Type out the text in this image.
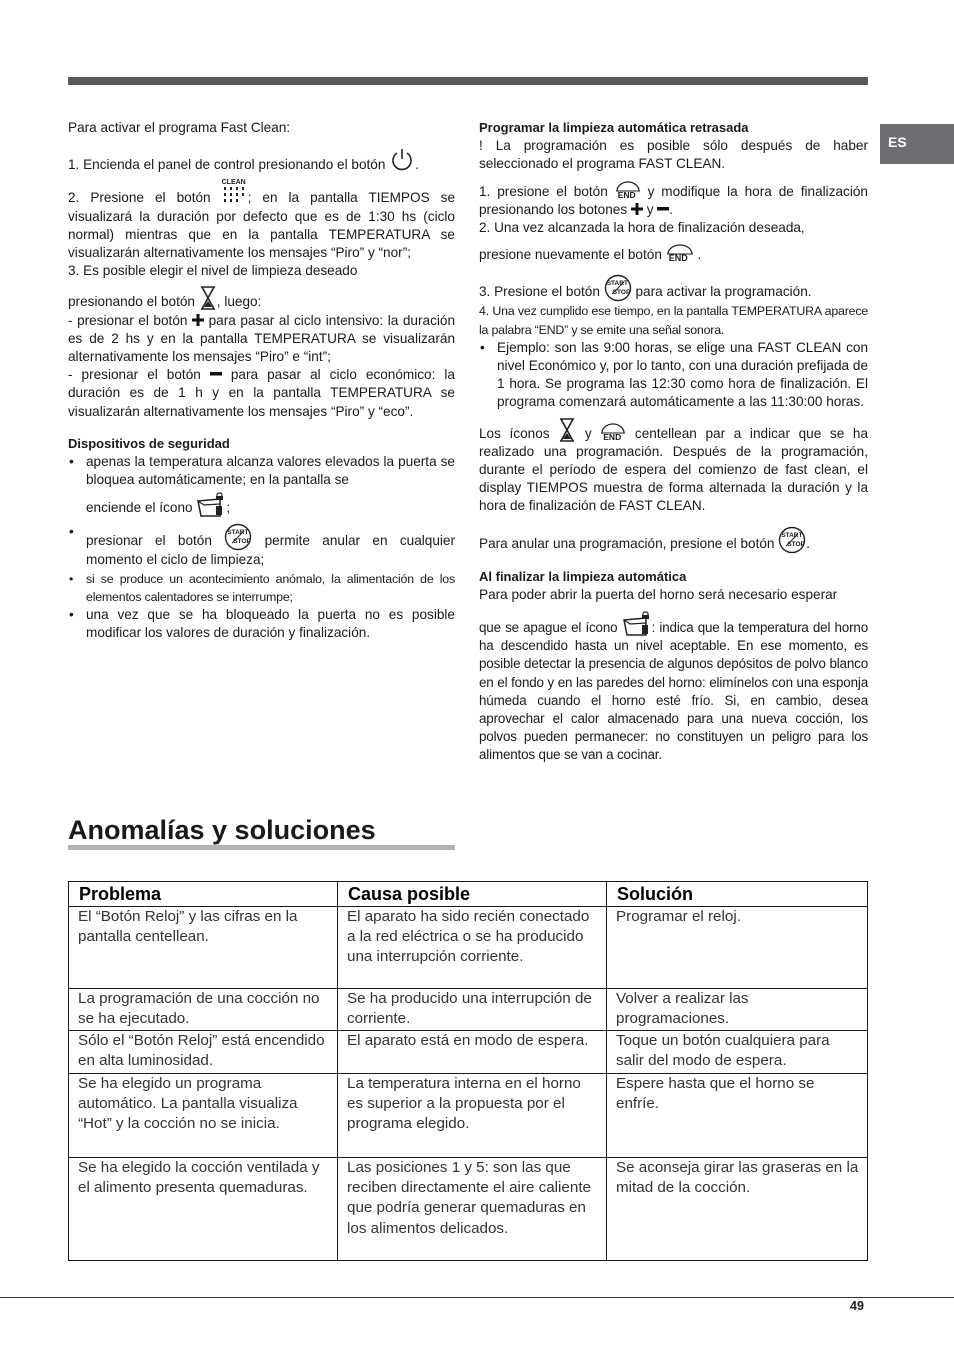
ES

Para activar el programa Fast Clean:

1. Encienda el panel de control presionando el botón .

2. Presione el botón
CLEAN
; en la pantalla TIEMPOS se visualizará la duración por defecto que es de 1:30 hs (ciclo normal) mientras que en la pantalla TEMPERATURA se visualizarán alternativamente los mensajes “Piro” y “nor”;

3. Es posible elegir el nivel de limpieza deseado

presionando el botón , luego:

- presionar el botón para pasar al ciclo intensivo: la duración es de 2 hs y en la pantalla TEMPERATURA se visualizarán alternativamente los mensajes “Piro” e “int”;

- presionar el botón para pasar al ciclo económico: la duración es de 1 h y en la pantalla TEMPERATURA se visualizarán alternativamente los mensajes “Piro” y “eco”.

Dispositivos de seguridad

• apenas la temperatura alcanza valores elevados la puerta se bloquea automáticamente; en la pantalla se
enciende el ícono
;
• presionar el botón
START
STOP permite anular en cualquier momento el ciclo de limpieza;
• si se produce un acontecimiento anómalo, la alimentación de los elementos calentadores se interrumpe;
• una vez que se ha bloqueado la puerta no es posible modificar los valores de duración y finalización.

Programar la limpieza automática retrasada

! La programación es posible sólo después de haber seleccionado el programa FAST CLEAN.

1. presione el botón END y modifique la hora de finalización presionando los botones y .

2. Una vez alcanzada la hora de finalización deseada,

presione nuevamente el botón END .

3. Presione el botón
START
STOP para activar la programación.

4. Una vez cumplido ese tiempo, en la pantalla TEMPERATURA aparece la palabra “END” y se emite una señal sonora.

• Ejemplo: son las 9:00 horas, se elige una FAST CLEAN con nivel Económico y, por lo tanto, con una duración prefijada de 1 hora. Se programa las 12:30 como hora de finalización. El programa comenzará automáticamente a las 11:30:00 horas.

Los íconos	y END centellean par a indicar que se ha realizado una programación. Después de la programación, durante el período de espera del comienzo de fast clean, el display TIEMPOS muestra de forma alternada la duración y la hora de finalización de FAST CLEAN.

Para anular una programación, presione el botón
START
STOP .

Al finalizar la limpieza automática

Para poder abrir la puerta del horno será necesario esperar

que se apague el ícono	: indica que la temperatura del horno ha descendido hasta un nivel aceptable. En ese momento, es posible detectar la presencia de algunos depósitos de polvo blanco en el fondo y en las paredes del horno: elimínelos con una esponja húmeda cuando el horno esté frío. Si, en cambio, desea aprovechar el calor almacenado para una nueva cocción, los polvos pueden permanecer: no constituyen un peligro para los alimentos que se van a cocinar.

Anomalías y soluciones
Problema	Causa posible	Solución
El “Botón Reloj” y las cifras en la pantalla centellean.	El aparato ha sido recién conectado a la red eléctrica o se ha producido una interrupción corriente.	Programar el reloj.
La programación de una cocción no se ha ejecutado.	Se ha producido una interrupción de corriente.	Volver a realizar las programaciones.
Sólo el “Botón Reloj” está encendido en alta luminosidad.	El aparato está en modo de espera.	Toque un botón cualquiera para salir del modo de espera.
Se ha elegido un programa automático. La pantalla visualiza “Hot” y la cocción no se inicia.	La temperatura interna en el horno es superior a la propuesta por el programa elegido.	Espere hasta que el horno se enfríe.
Se ha elegido la cocción ventilada y el alimento presenta quemaduras.	Las posiciones 1 y 5: son las que reciben directamente el aire caliente que podría generar quemaduras en los alimentos delicados.	Se aconseja girar las graseras en la mitad de la cocción.
49
